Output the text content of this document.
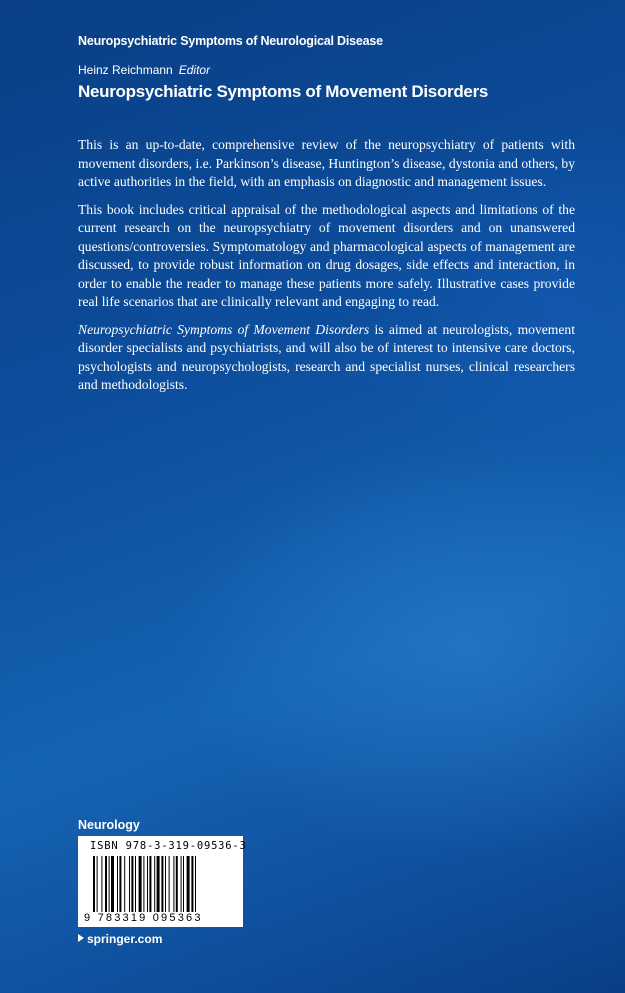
Neuropsychiatric Symptoms of Neurological Disease
Heinz Reichmann Editor
Neuropsychiatric Symptoms of Movement Disorders

This is an up-to-date, comprehensive review of the neuropsychiatry of patients with movement disorders, i.e. Parkinson’s disease, Huntington’s disease, dystonia and others, by active authorities in the field, with an emphasis on diagnostic and management issues.

This book includes critical appraisal of the methodological aspects and limitations of the current research on the neuropsychiatry of movement disorders and on unanswered questions/controversies. Symptomatology and pharmacological aspects of management are discussed, to provide robust information on drug dosages, side effects and interaction, in order to enable the reader to manage these patients more safely. Illustrative cases provide real life scenarios that are clinically relevant and engaging to read.

Neuropsychiatric Symptoms of Movement Disorders is aimed at neurologists, movement disorder specialists and psychiatrists, and will also be of interest to intensive care doctors, psychologists and neuropsychologists, research and specialist nurses, clinical researchers and methodologists.

Neurology
ISBN 978-3-319-09536-3
9 783319 095363
springer.com
